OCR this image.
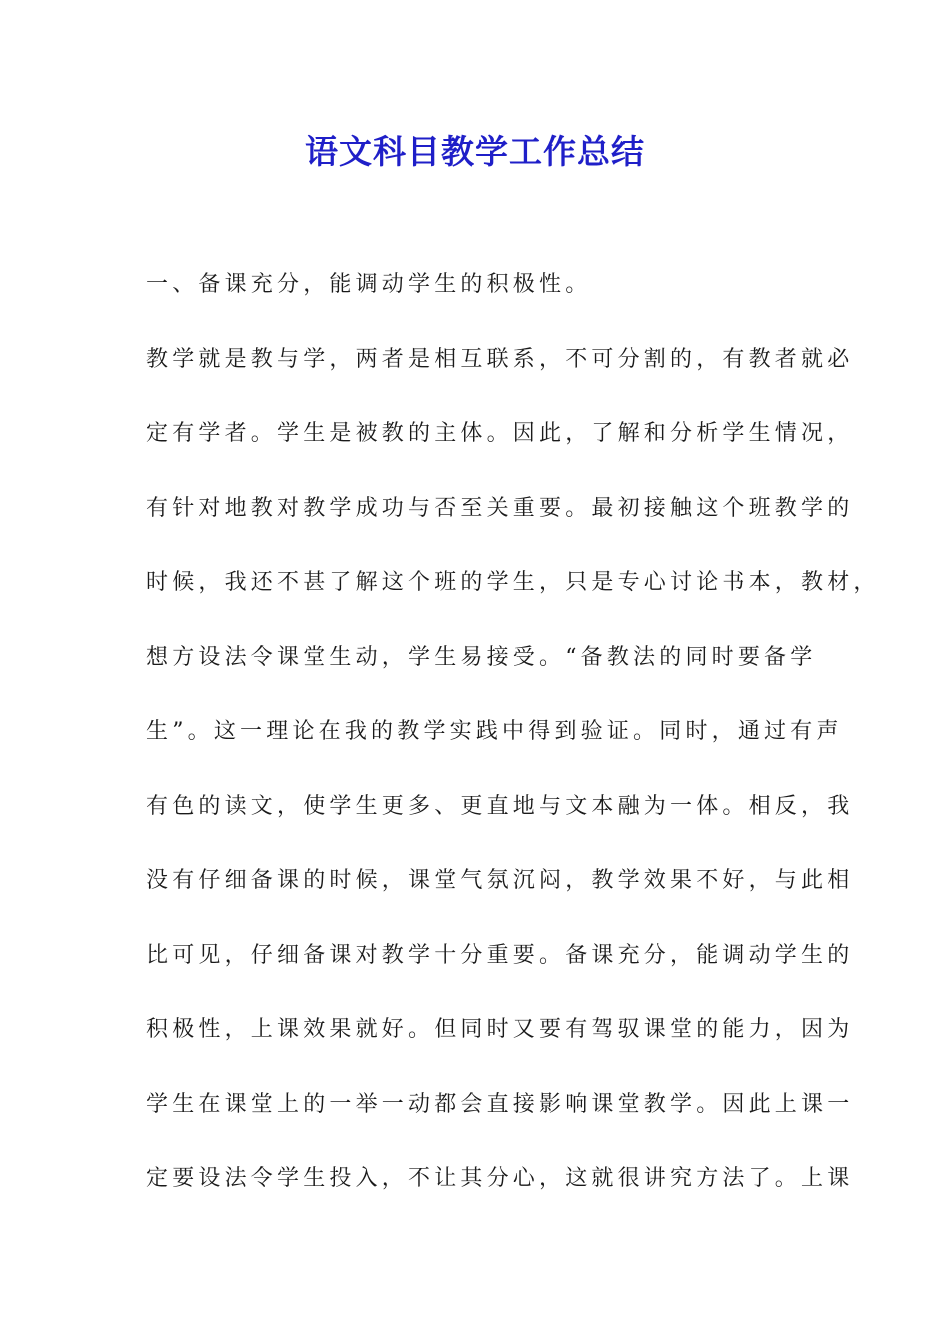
语文科目教学工作总结
一、备课充分，能调动学生的积极性。
教学就是教与学，两者是相互联系，不可分割的，有教者就必
定有学者。学生是被教的主体。因此，了解和分析学生情况，
有针对地教对教学成功与否至关重要。最初接触这个班教学的
时候，我还不甚了解这个班的学生，只是专心讨论书本，教材，
想方设法令课堂生动，学生易接受。“备教法的同时要备学
生”。这一理论在我的教学实践中得到验证。同时，通过有声
有色的读文，使学生更多、更直地与文本融为一体。相反，我
没有仔细备课的时候，课堂气氛沉闷，教学效果不好，与此相
比可见，仔细备课对教学十分重要。备课充分，能调动学生的
积极性，上课效果就好。但同时又要有驾驭课堂的能力，因为
学生在课堂上的一举一动都会直接影响课堂教学。因此上课一
定要设法令学生投入，不让其分心，这就很讲究方法了。上课
